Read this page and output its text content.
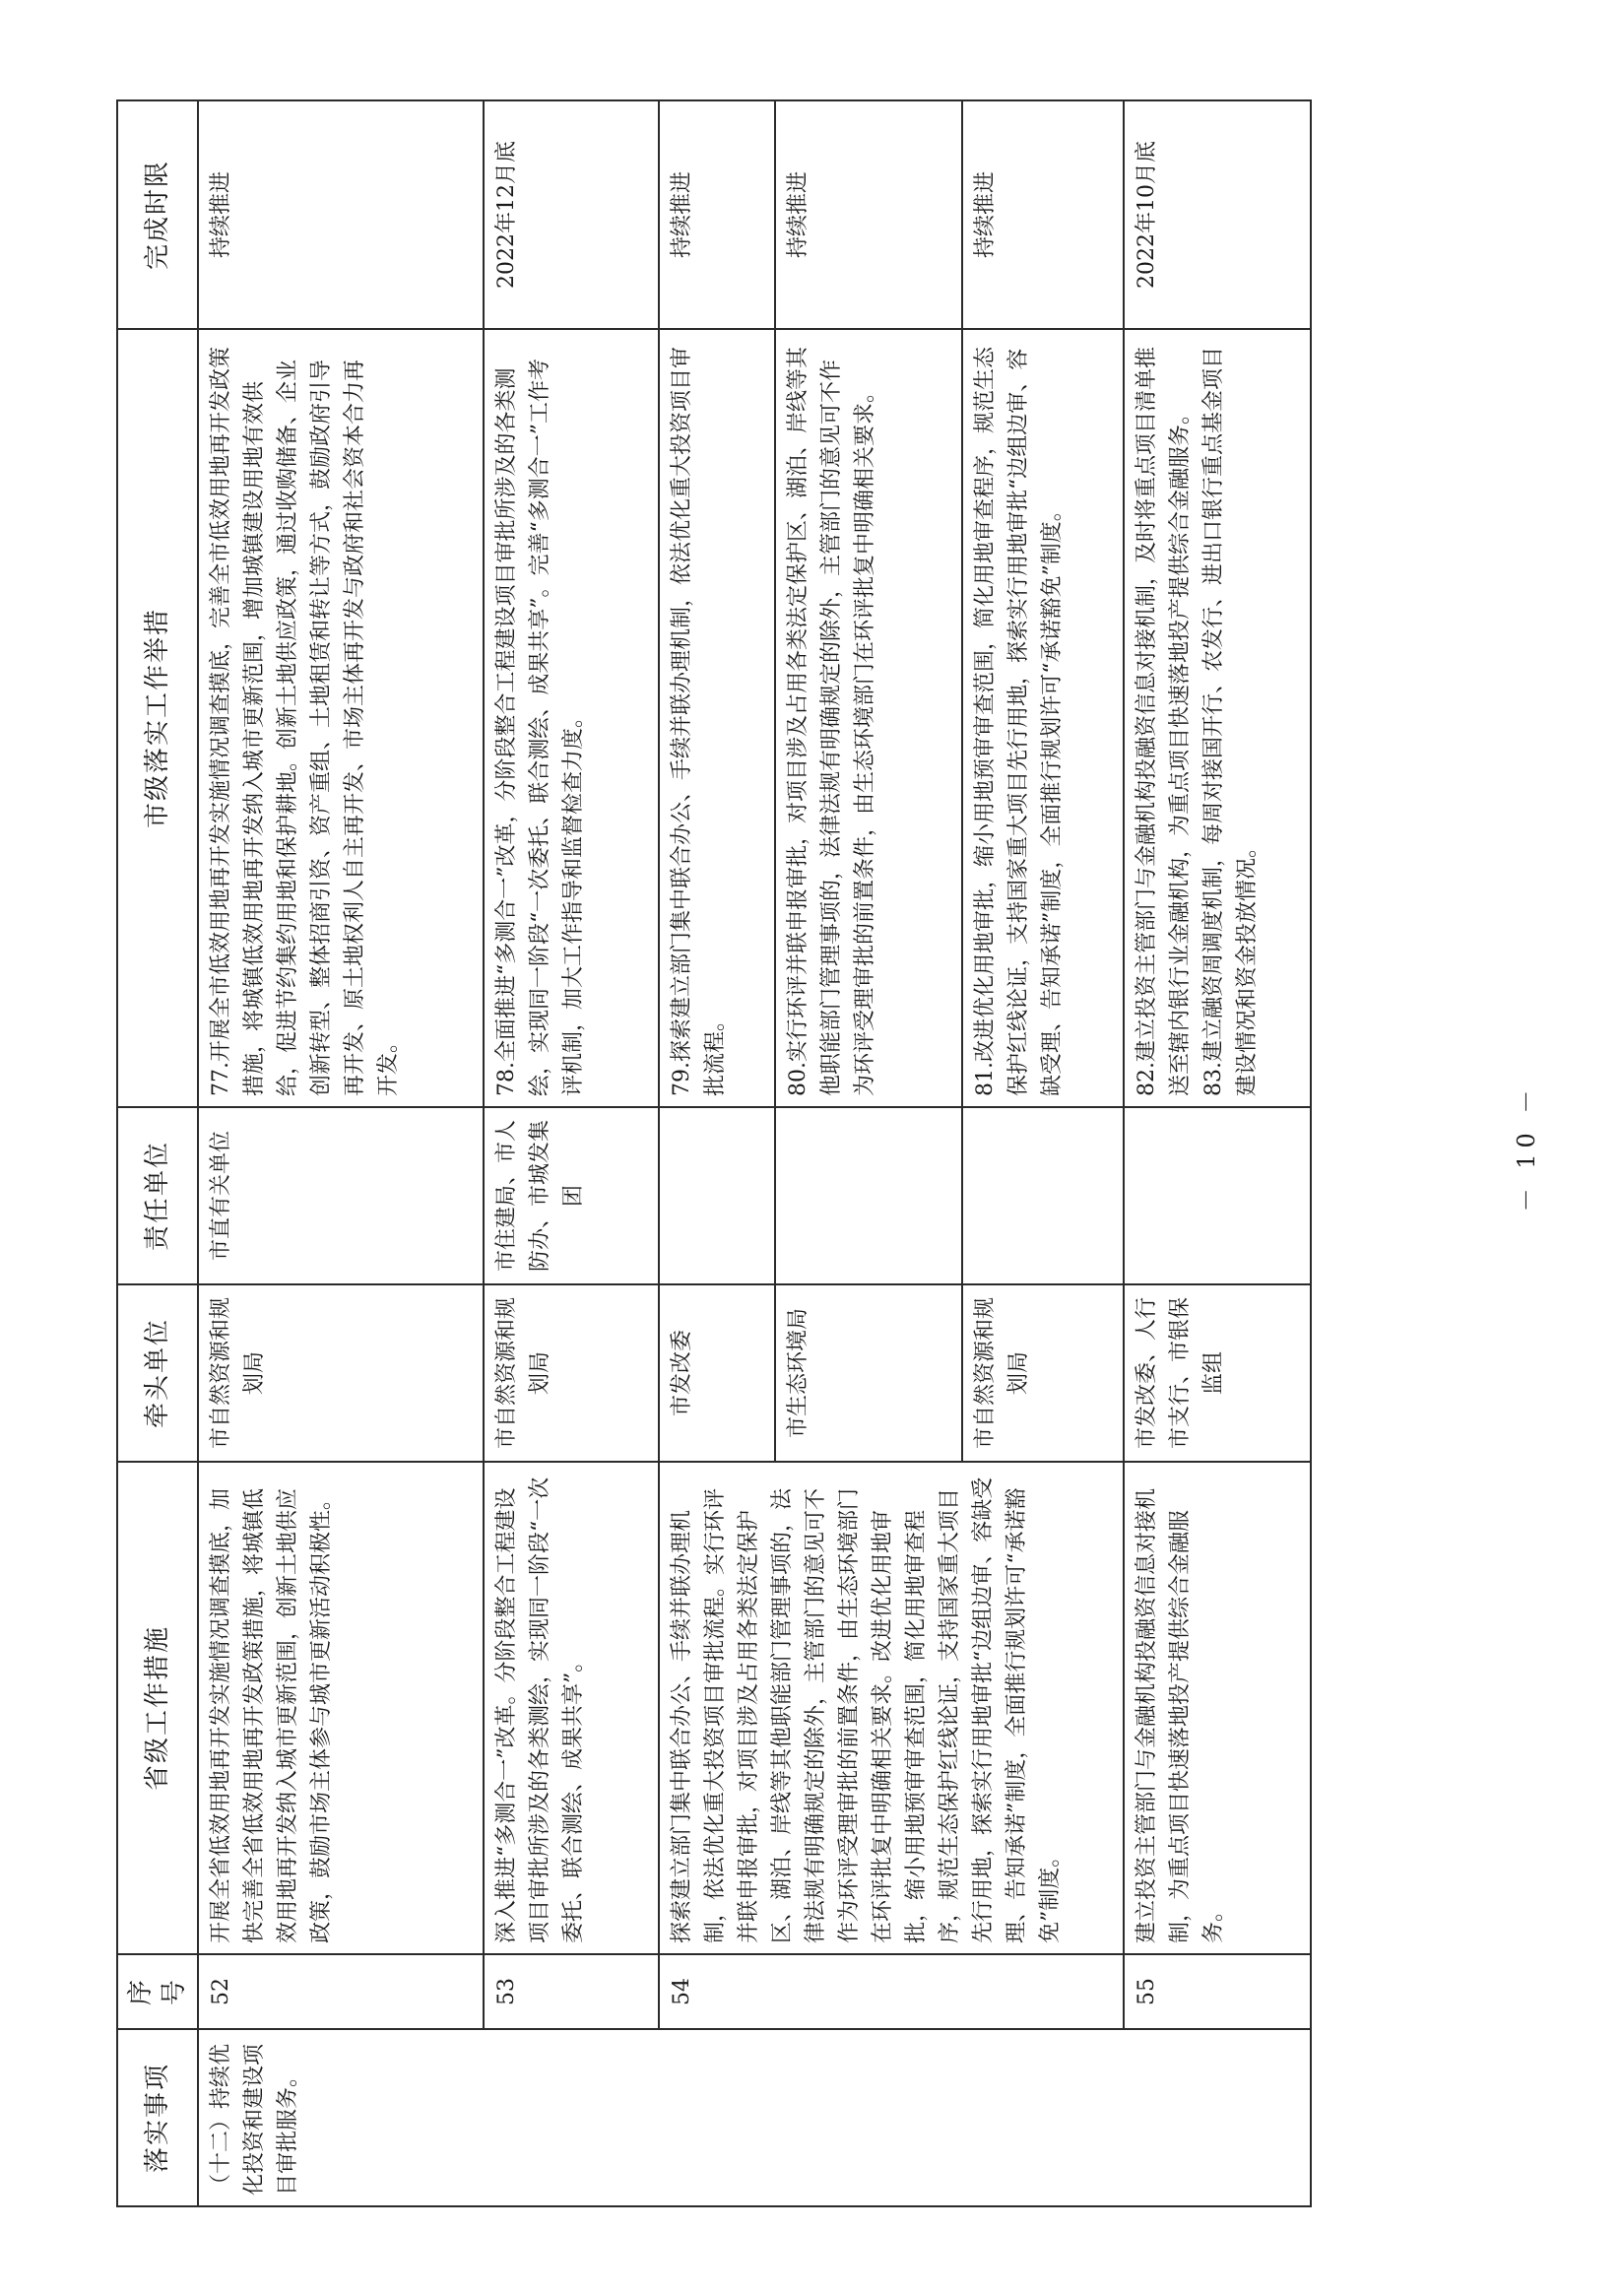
落实事项	序号	省级工作措施	牵头单位	责任单位	市级落实工作举措	完成时限

（十二）持续优化投资和建设项目审批服务。	52	开展全省低效用地再开发实施情况调查摸底，加快完善全省低效用地再开发政策措施，将城镇低效用地再开发纳入城市更新范围，创新土地供应政策，鼓励市场主体参与城市更新活动积极性。	市自然资源和规划局	市直有关单位	77.开展全市低效用地再开发实施情况调查摸底，完善全市低效用地再开发政策措施，将城镇低效用地再开发纳入城市更新范围，增加城镇建设用地有效供给，促进节约集约用地和保护耕地。创新土地供应政策，通过收购储备、企业创新转型、整体招商引资、资产重组、土地租赁和转让等方式，鼓励政府引导再开发、原土地权利人自主再开发、市场主体再开发与政府和社会资本合力再开发。	持续推进
	53	深入推进“多测合一”改革。分阶段整合工程建设项目审批所涉及的各类测绘，实现同一阶段“一次委托、联合测绘、成果共享”。	市自然资源和规划局	市住建局、市人防办、市城发集团	78.全面推进“多测合一”改革，分阶段整合工程建设项目审批所涉及的各类测绘，实现同一阶段“一次委托、联合测绘、成果共享”。完善“多测合一”工作考评机制，加大工作指导和监督检查力度。	2022年12月底
	54	探索建立部门集中联合办公、手续并联办理机制，依法优化重大投资项目审批流程。实行环评并联申报审批，对项目涉及占用各类法定保护区、湖泊、岸线等其他职能部门管理事项的，法律法规有明确规定的除外，主管部门的意见可不作为环评受理审批的前置条件，由生态环境部门在环评批复中明确相关要求。改进优化用地审批，缩小用地预审审查范围，简化用地审查程序，规范生态保护红线论证，支持国家重大项目先行用地，探索实行用地审批“边组边审、容缺受理、告知承诺”制度，全面推行规划许可“承诺豁免”制度。	市发改委		79.探索建立部门集中联合办公、手续并联办理机制，依法优化重大投资项目审批流程。	持续推进
			市生态环境局		80.实行环评并联申报审批，对项目涉及占用各类法定保护区、湖泊、岸线等其他职能部门管理事项的，法律法规有明确规定的除外，主管部门的意见可不作为环评受理审批的前置条件，由生态环境部门在环评批复中明确相关要求。	持续推进
			市自然资源和规划局		81.改进优化用地审批，缩小用地预审审查范围，简化用地审查程序，规范生态保护红线论证，支持国家重大项目先行用地，探索实行用地审批“边组边审、容缺受理、告知承诺”制度，全面推行规划许可“承诺豁免”制度。	持续推进
	55	建立投资主管部门与金融机构投融资信息对接机制，为重点项目快速落地投产提供综合金融服务。	市发改委、人行市支行、市银保监组		82.建立投资主管部门与金融机构投融资信息对接机制，及时将重点项目清单推送至辖内银行业金融机构，为重点项目快速落地投产提供综合金融服务。 83.建立融资周调度机制，每周对接国开行、农发行、进出口银行重点基金项目建设情况和资金投放情况。	2022年10月底
－ 10 －
